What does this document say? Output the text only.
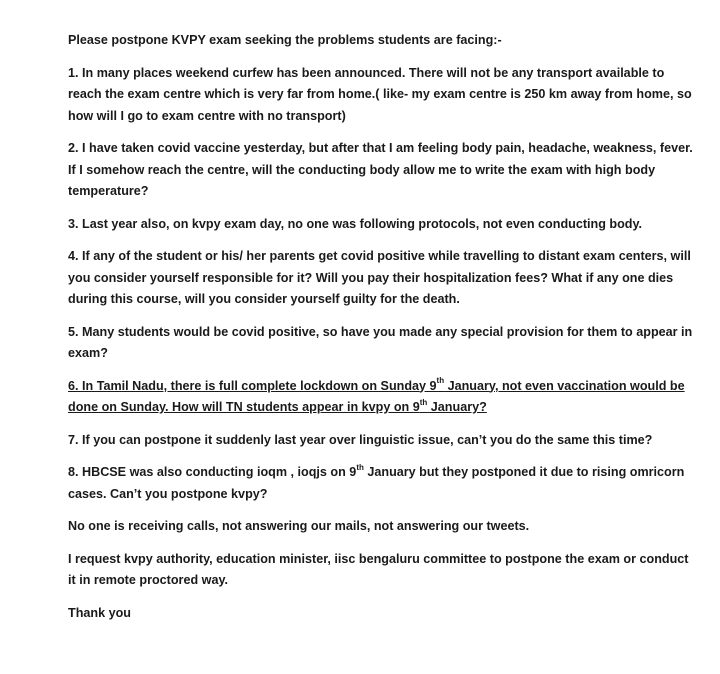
Please postpone KVPY exam seeking the problems students are facing:-

1. In many places weekend curfew has been announced. There will not be any transport available to reach the exam centre which is very far from home.( like- my exam centre is 250 km away from home, so how will I go to exam centre with no transport)

2. I have taken covid vaccine yesterday, but after that I am feeling body pain, headache, weakness, fever. If I somehow reach the centre, will the conducting body allow me to write the exam with high body temperature?

3. Last year also, on kvpy exam day, no one was following protocols, not even conducting body.

4. If any of the student or his/ her parents get covid positive while travelling to distant exam centers, will you consider yourself responsible for it? Will you pay their hospitalization fees? What if any one dies during this course, will you consider yourself guilty for the death.

5. Many students would be covid positive, so have you made any special provision for them to appear in exam?

6. In Tamil Nadu, there is full complete lockdown on Sunday 9th January, not even vaccination would be done on Sunday. How will TN students appear in kvpy on 9th January?

7. If you can postpone it suddenly last year over linguistic issue, can’t you do the same this time?

8. HBCSE was also conducting ioqm , ioqjs on 9th January but they postponed it due to rising omricorn cases. Can’t you postpone kvpy?

No one is receiving calls, not answering our mails, not answering our tweets.

I request kvpy authority, education minister, iisc bengaluru committee to postpone the exam or conduct it in remote proctored way.

Thank you
